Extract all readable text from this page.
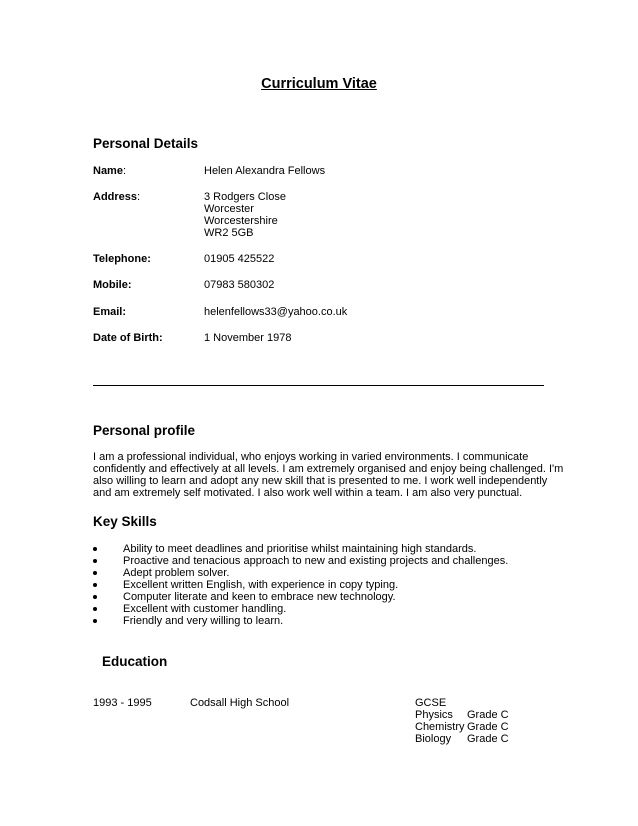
Curriculum Vitae
Personal Details
Name:	Helen Alexandra Fellows
Address:	3 Rodgers Close
Worcester
Worcestershire
WR2 5GB
Telephone:	01905 425522
Mobile:	07983 580302
Email:	helenfellows33@yahoo.co.uk
Date of Birth:	1 November 1978
Personal profile
I am a professional individual, who enjoys working in varied environments. I communicate
confidently and effectively at all levels. I am extremely organised and enjoy being challenged. I'm
also willing to learn and adopt any new skill that is presented to me. I work well independently
and am extremely self motivated. I also work well within a team. I am also very punctual.
Key Skills
Ability to meet deadlines and prioritise whilst maintaining high standards.
Proactive and tenacious approach to new and existing projects and challenges.
Adept problem solver.
Excellent written English, with experience in copy typing.
Computer literate and keen to embrace new technology.
Excellent with customer handling.
Friendly and very willing to learn.
Education
1993 - 1995	Codsall High School	GCSE
Physics Grade C
Chemistry Grade C
Biology Grade C
